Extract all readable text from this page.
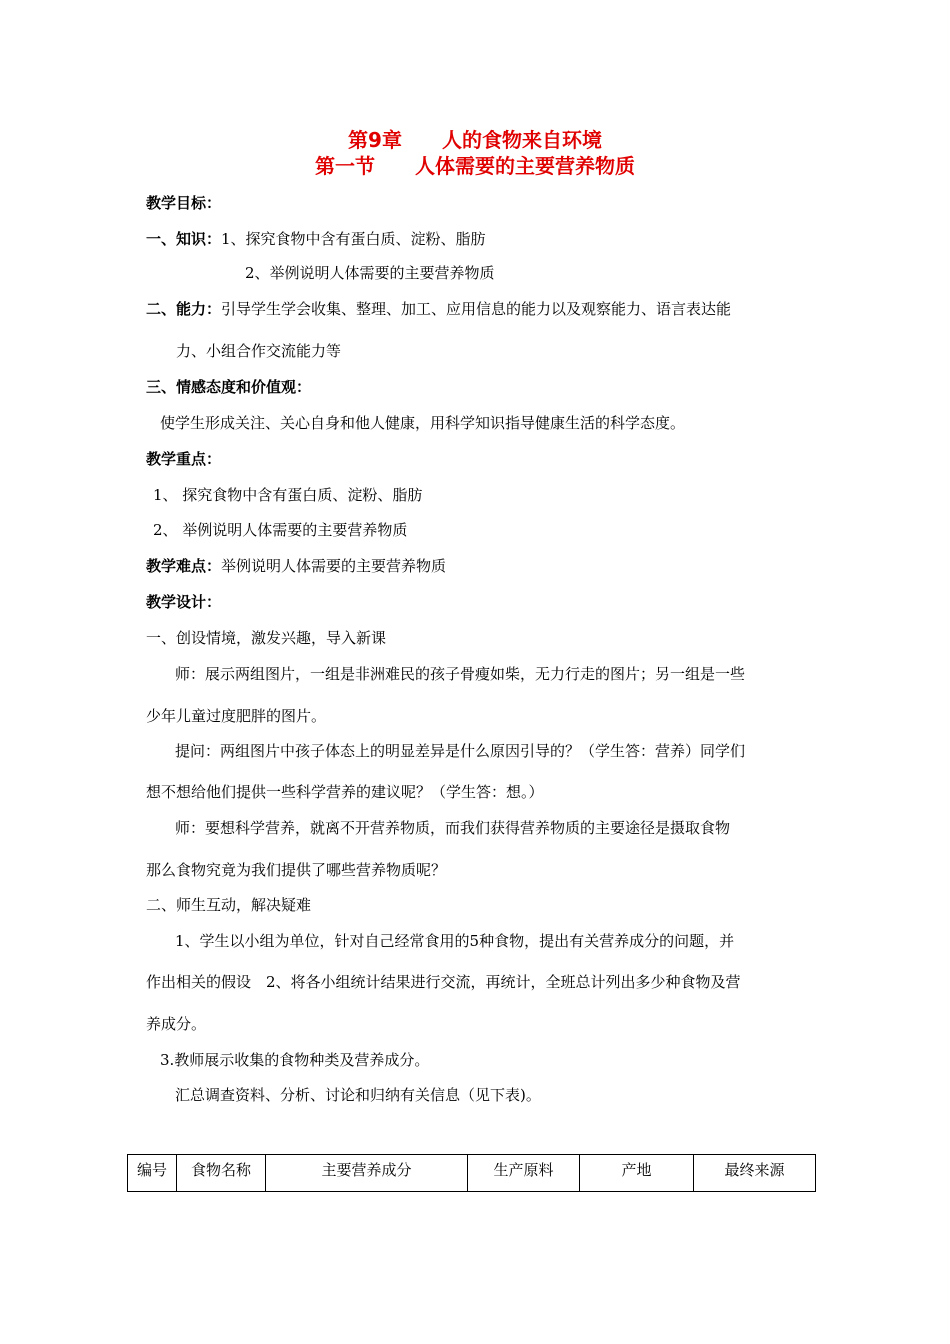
第9章　　人的食物来自环境
第一节　　人体需要的主要营养物质
教学目标：
一、知识：1、探究食物中含有蛋白质、淀粉、脂肪
2、举例说明人体需要的主要营养物质
二、能力：引导学生学会收集、整理、加工、应用信息的能力以及观察能力、语言表达能
力、小组合作交流能力等
三、情感态度和价值观：
使学生形成关注、关心自身和他人健康，用科学知识指导健康生活的科学态度。
教学重点：
1、 探究食物中含有蛋白质、淀粉、脂肪
2、 举例说明人体需要的主要营养物质
教学难点：举例说明人体需要的主要营养物质
教学设计：
一、创设情境，激发兴趣，导入新课
师：展示两组图片，一组是非洲难民的孩子骨瘦如柴，无力行走的图片；另一组是一些
少年儿童过度肥胖的图片。
提问：两组图片中孩子体态上的明显差异是什么原因引导的？（学生答：营养）同学们
想不想给他们提供一些科学营养的建议呢？（学生答：想。）
师：要想科学营养，就离不开营养物质，而我们获得营养物质的主要途径是摄取食物
那么食物究竟为我们提供了哪些营养物质呢？
二、师生互动，解决疑难
1、学生以小组为单位，针对自己经常食用的5种食物，提出有关营养成分的问题，并
作出相关的假设　2、将各小组统计结果进行交流，再统计，全班总计列出多少种食物及营
养成分。
3.教师展示收集的食物种类及营养成分。
汇总调查资料、分析、讨论和归纳有关信息（见下表)。
编号	食物名称	主要营养成分	生产原料	产地	最终来源
